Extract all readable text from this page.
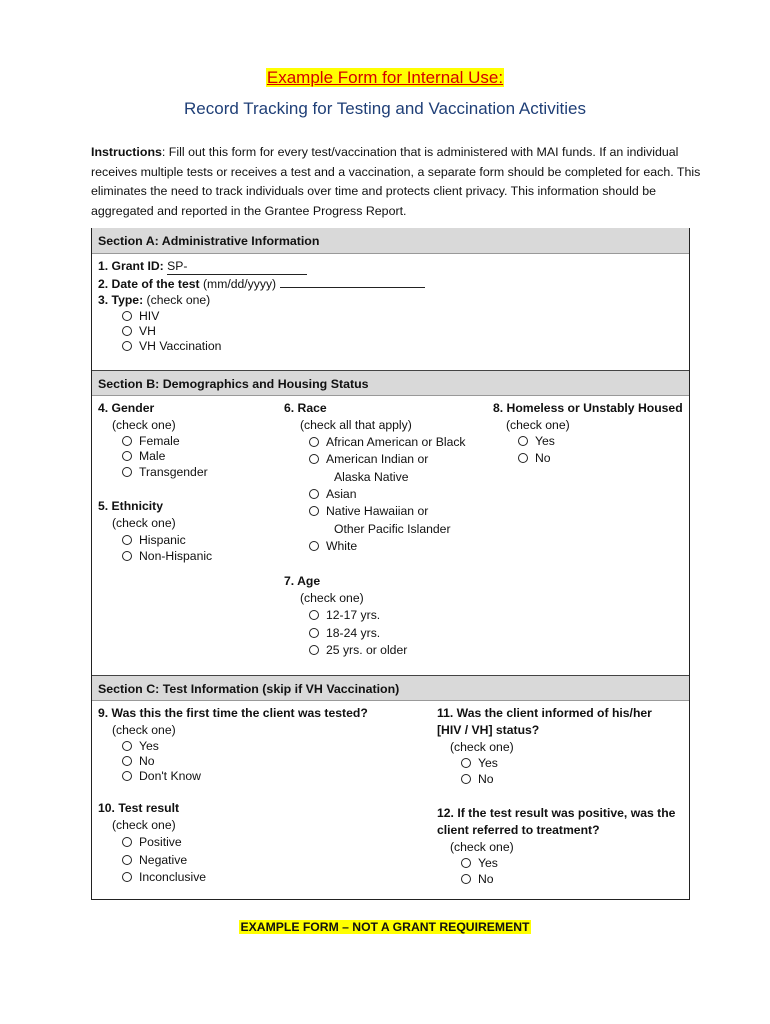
Example Form for Internal Use:
Record Tracking for Testing and Vaccination Activities
Instructions: Fill out this form for every test/vaccination that is administered with MAI funds. If an individual receives multiple tests or receives a test and a vaccination, a separate form should be completed for each. This eliminates the need to track individuals over time and protects client privacy. This information should be aggregated and reported in the Grantee Progress Report.
Section A: Administrative Information
1. Grant ID: SP-
2. Date of the test (mm/dd/yyyy)
3. Type: (check one)
HIV
VH
VH Vaccination
Section B: Demographics and Housing Status
4. Gender
(check one)
Female
Male
Transgender
5. Ethnicity
(check one)
Hispanic
Non-Hispanic
6. Race
(check all that apply)
African American or Black
American Indian or
Alaska Native
Asian
Native Hawaiian or
Other Pacific Islander
White
7. Age
(check one)
12-17 yrs.
18-24 yrs.
25 yrs. or older
8. Homeless or Unstably Housed
(check one)
Yes
No
Section C: Test Information (skip if VH Vaccination)
9. Was this the first time the client was tested?
(check one)
Yes
No
Don't Know
10. Test result
(check one)
Positive
Negative
Inconclusive
11. Was the client informed of his/her
[HIV / VH] status?
(check one)
Yes
No
12. If the test result was positive, was the
client referred to treatment?
(check one)
Yes
No
EXAMPLE FORM – NOT A GRANT REQUIREMENT
